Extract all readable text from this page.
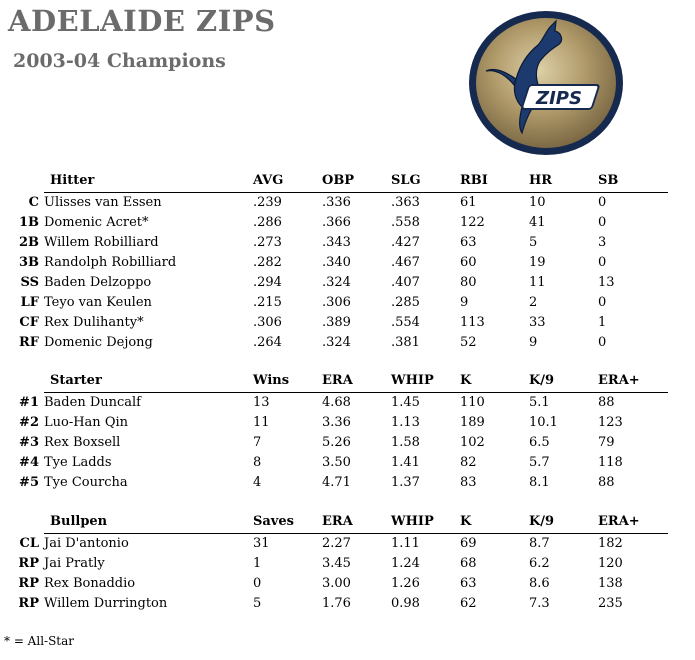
ADELAIDE ZIPS
2003-04 Champions
ZIPS
	Hitter	AVG	OBP	SLG	RBI	HR	SB
C	Ulisses van Essen	.239	.336	.363	61	10	0
1B	Domenic Acret*	.286	.366	.558	122	41	0
2B	Willem Robilliard	.273	.343	.427	63	5	3
3B	Randolph Robilliard	.282	.340	.467	60	19	0
SS	Baden Delzoppo	.294	.324	.407	80	11	13
LF	Teyo van Keulen	.215	.306	.285	9	2	0
CF	Rex Dulihanty*	.306	.389	.554	113	33	1
RF	Domenic Dejong	.264	.324	.381	52	9	0
	Starter	Wins	ERA	WHIP	K	K/9	ERA+
#1	Baden Duncalf	13	4.68	1.45	110	5.1	88
#2	Luo-Han Qin	11	3.36	1.13	189	10.1	123
#3	Rex Boxsell	7	5.26	1.58	102	6.5	79
#4	Tye Ladds	8	3.50	1.41	82	5.7	118
#5	Tye Courcha	4	4.71	1.37	83	8.1	88
	Bullpen	Saves	ERA	WHIP	K	K/9	ERA+
CL	Jai D'antonio	31	2.27	1.11	69	8.7	182
RP	Jai Pratly	1	3.45	1.24	68	6.2	120
RP	Rex Bonaddio	0	3.00	1.26	63	8.6	138
RP	Willem Durrington	5	1.76	0.98	62	7.3	235
* = All-Star
